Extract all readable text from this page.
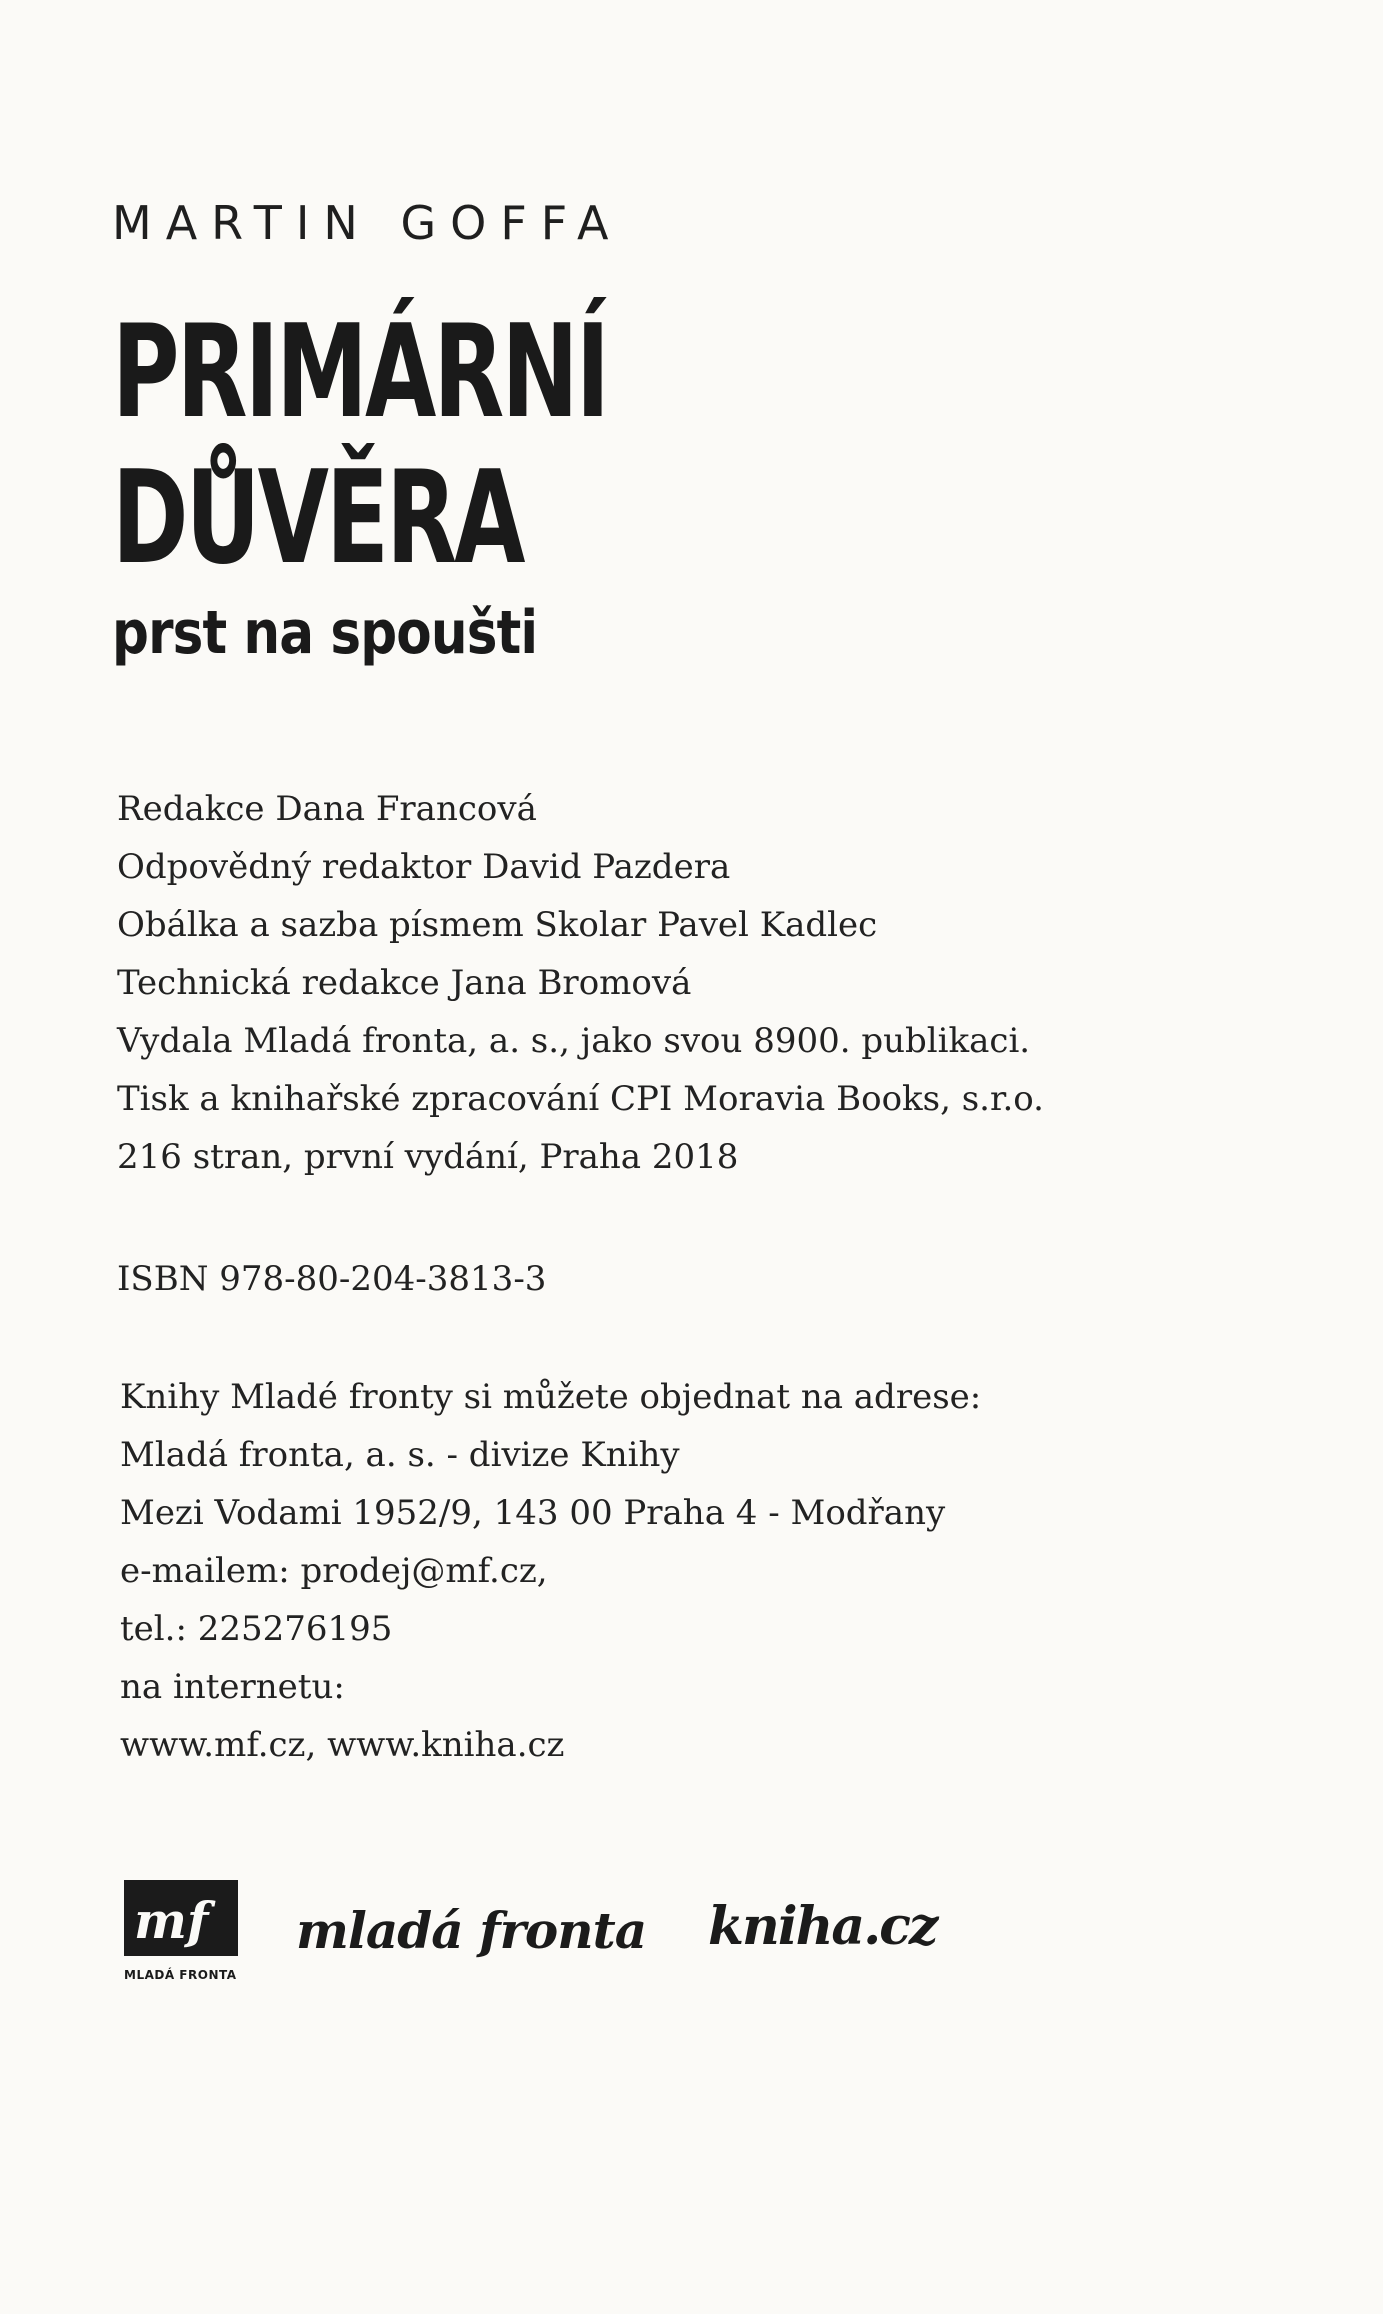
MARTIN GOFFA
PRIMÁRNÍ
DŮVĚRA
prst na spoušti
Redakce Dana Francová
Odpovědný redaktor David Pazdera
Obálka a sazba písmem Skolar Pavel Kadlec
Technická redakce Jana Bromová
Vydala Mladá fronta, a. s., jako svou 8900. publikaci.
Tisk a knihařské zpracování CPI Moravia Books, s.r.o.
216 stran, první vydání, Praha 2018
ISBN 978-80-204-3813-3
Knihy Mladé fronty si můžete objednat na adrese:
Mladá fronta, a. s. - divize Knihy
Mezi Vodami 1952/9, 143 00 Praha 4 - Modřany
e-mailem: prodej@mf.cz,
tel.: 225276195
na internetu:
www.mf.cz, www.kniha.cz
mf
MLADÁ FRONTA
mladá fronta kniha.cz
